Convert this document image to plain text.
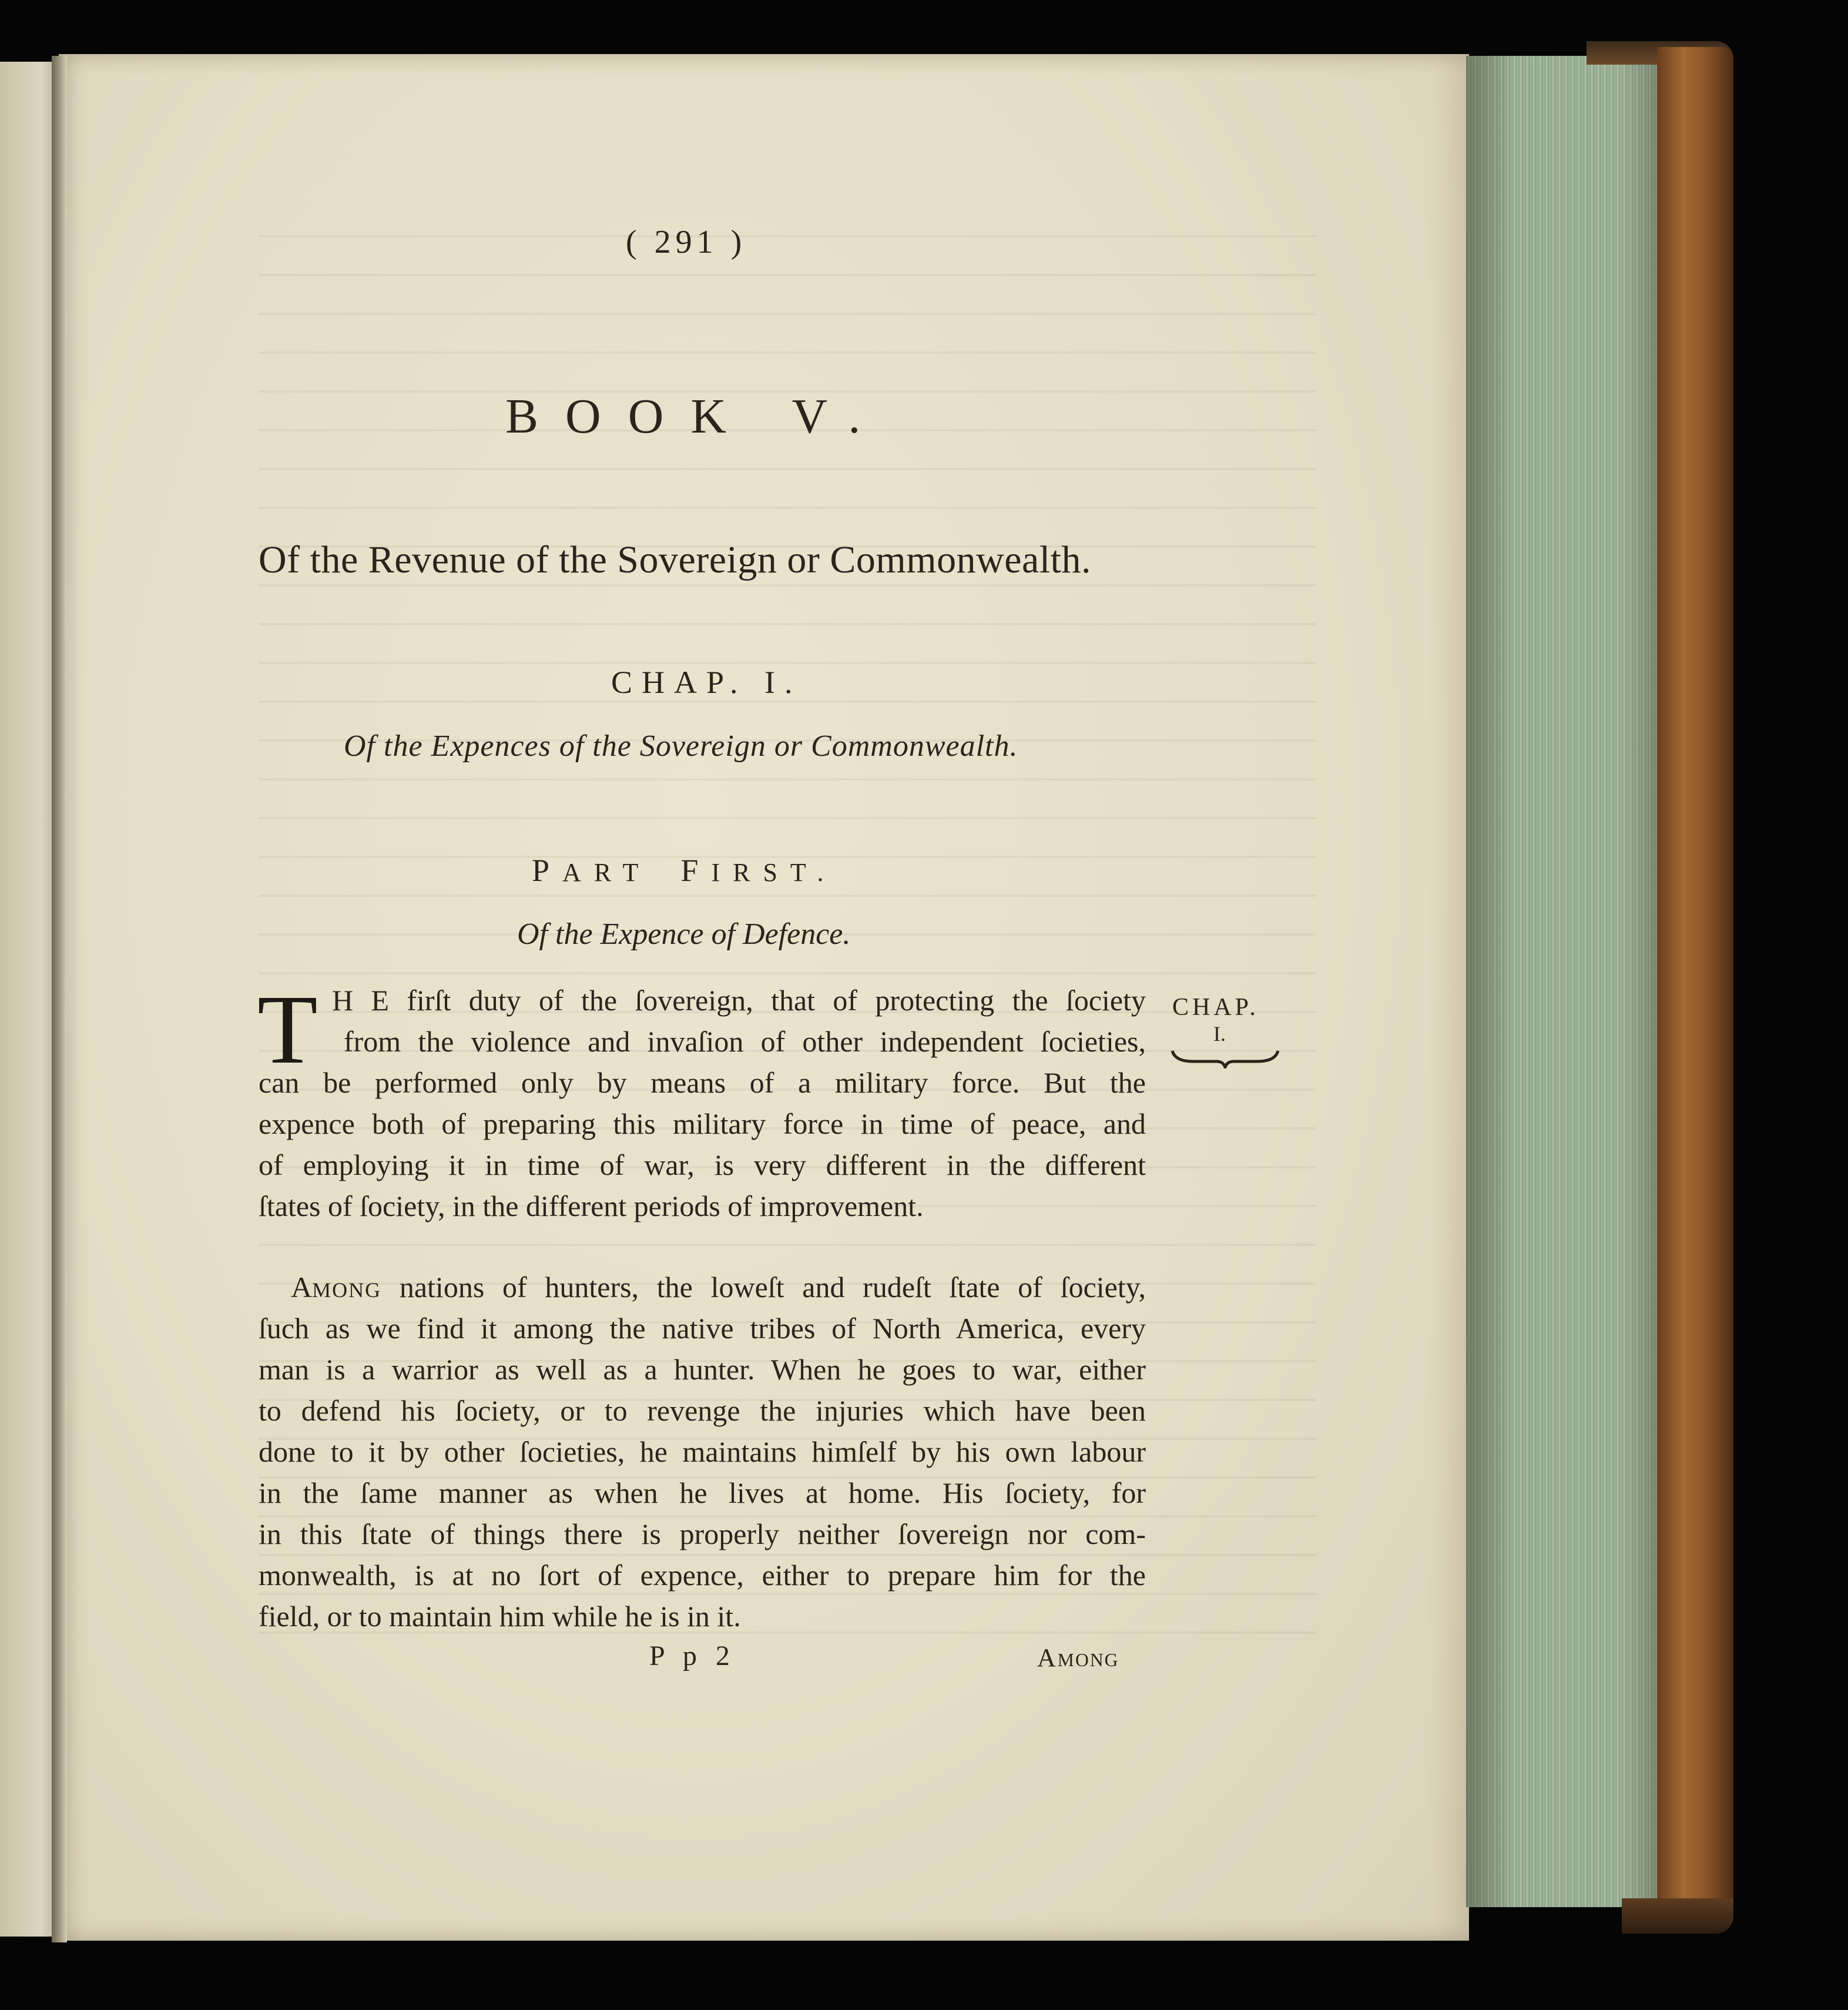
( 291 )

BOOK V.

Of the Revenue of the Sovereign or Commonwealth.

CHAP. I.

Of the Expences of the Sovereign or Commonwealth.

PART FIRST.

Of the Expence of Defence.

CHAP.

I.

T H E firſt duty of the ſovereign, that of protecting the ſociety

from the violence and invaſion of other independent ſocieties,

can be performed only by means of a military force. But the

expence both of preparing this military force in time of peace, and

of employing it in time of war, is very different in the different

ſtates of ſociety, in the different periods of improvement.

AMONG nations of hunters, the loweſt and rudeſt ſtate of ſociety,

ſuch as we find it among the native tribes of North America, every

man is a warrior as well as a hunter. When he goes to war, either

to defend his ſociety, or to revenge the injuries which have been

done to it by other ſocieties, he maintains himſelf by his own labour

in the ſame manner as when he lives at home. His ſociety, for

in this ſtate of things there is properly neither ſovereign nor com-

monwealth, is at no ſort of expence, either to prepare him for the

field, or to maintain him while he is in it.

P p 2	AMONG
